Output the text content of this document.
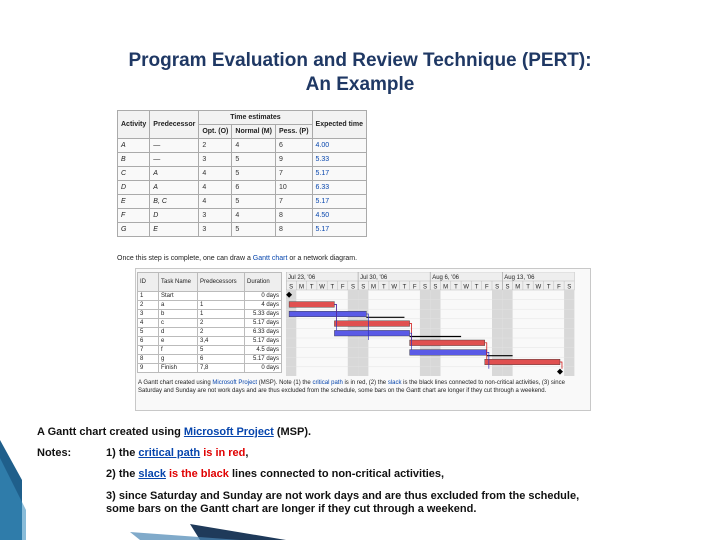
Program Evaluation and Review Technique (PERT):
An Example
Activity	Predecessor	Time estimates			Expected time
		Opt. (O)	Normal (M)	Pess. (P)	
A	—	2	4	6	4.00
B	—	3	5	9	5.33
C	A	4	5	7	5.17
D	A	4	6	10	6.33
E	B, C	4	5	7	5.17
F	D	3	4	8	4.50
G	E	3	5	8	5.17
Once this step is complete, one can draw a Gantt chart or a network diagram.
ID	Task Name	Predecessors	Duration
1	Start		0 days
2	a	1	4 days
3	b	1	5.33 days
4	c	2	5.17 days
5	d	2	6.33 days
6	e	3,4	5.17 days
7	f	5	4.5 days
8	g	6	5.17 days
9	Finish	7,8	0 days
S M T W T F S S M T W T F S S M T W T F S S M T W T F S
Jul 23, '06	Jul 30, '06	Aug 6, '06	Aug 13, '06
A Gantt chart created using Microsoft Project (MSP). Note (1) the critical path is in red, (2) the slack is the black lines connected to non-critical activities, (3) since Saturday and Sunday are not work days and are thus excluded from the schedule, some bars on the Gantt chart are longer if they cut through a weekend.
A Gantt chart created using Microsoft Project (MSP).
Notes:	1) the critical path is in red,
2) the slack is the black lines connected to non-critical activities,
3) since Saturday and Sunday are not work days and are thus excluded from the schedule,
some bars on the Gantt chart are longer if they cut through a weekend.
